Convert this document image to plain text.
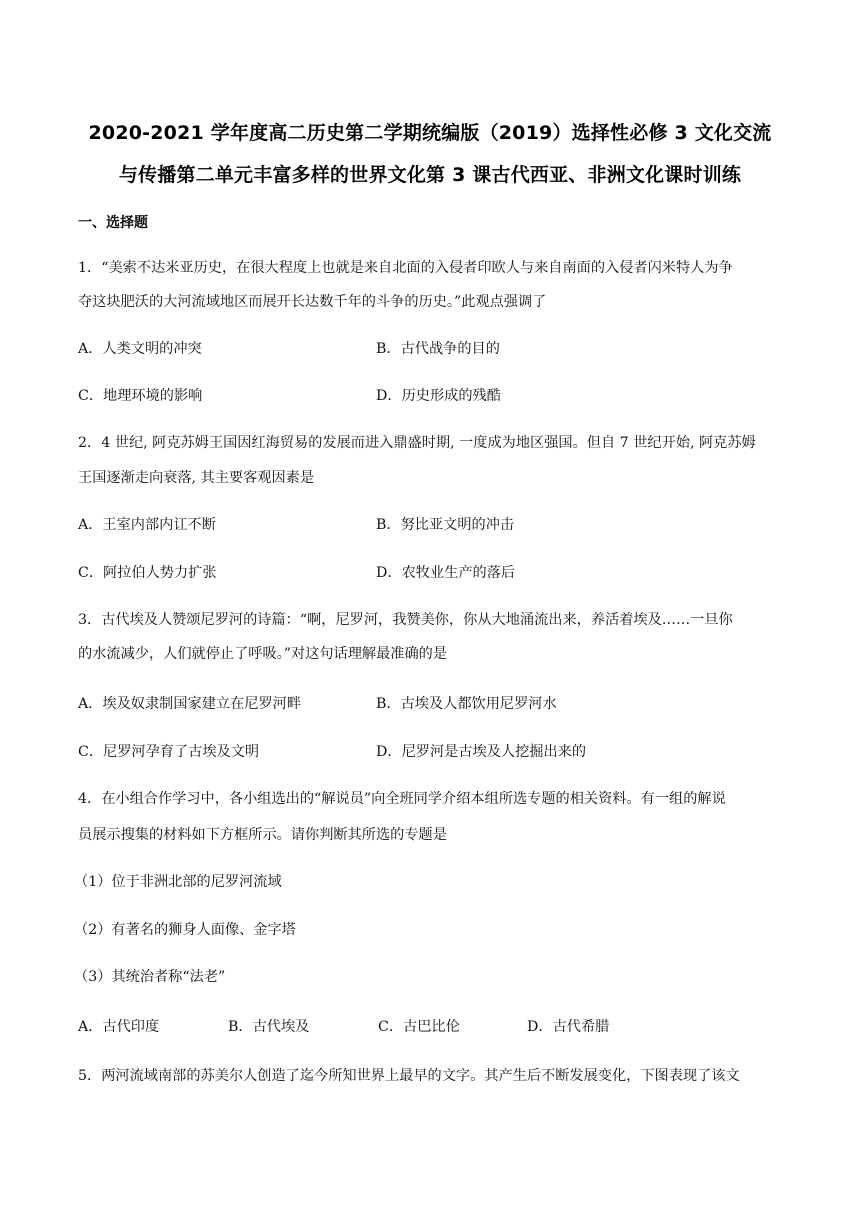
2020-2021 学年度高二历史第二学期统编版（2019）选择性必修 3 文化交流
与传播第二单元丰富多样的世界文化第 3 课古代西亚、非洲文化课时训练
一、选择题
1．“美索不达米亚历史，在很大程度上也就是来自北面的入侵者印欧人与来自南面的入侵者闪米特人为争
夺这块肥沃的大河流域地区而展开长达数千年的斗争的历史。”此观点强调了
A．人类文明的冲突	B．古代战争的目的
C．地理环境的影响	D．历史形成的残酷
2．4 世纪, 阿克苏姆王国因红海贸易的发展而进入鼎盛时期, 一度成为地区强国。但自 7 世纪开始, 阿克苏姆
王国逐渐走向衰落, 其主要客观因素是
A．王室内部内讧不断	B．努比亚文明的冲击
C．阿拉伯人势力扩张	D．农牧业生产的落后
3．古代埃及人赞颂尼罗河的诗篇：“啊，尼罗河，我赞美你，你从大地涌流出来，养活着埃及……一旦你
的水流减少，人们就停止了呼吸。”对这句话理解最准确的是
A．埃及奴隶制国家建立在尼罗河畔	B．古埃及人都饮用尼罗河水
C．尼罗河孕育了古埃及文明	D．尼罗河是古埃及人挖掘出来的
4．在小组合作学习中，各小组选出的“解说员”向全班同学介绍本组所选专题的相关资料。有一组的解说
员展示搜集的材料如下方框所示。请你判断其所选的专题是
（1）位于非洲北部的尼罗河流域
（2）有著名的狮身人面像、金字塔
（3）其统治者称“法老”
A．古代印度	B．古代埃及	C．古巴比伦	D．古代希腊
5．两河流域南部的苏美尔人创造了迄今所知世界上最早的文字。其产生后不断发展变化，下图表现了该文
